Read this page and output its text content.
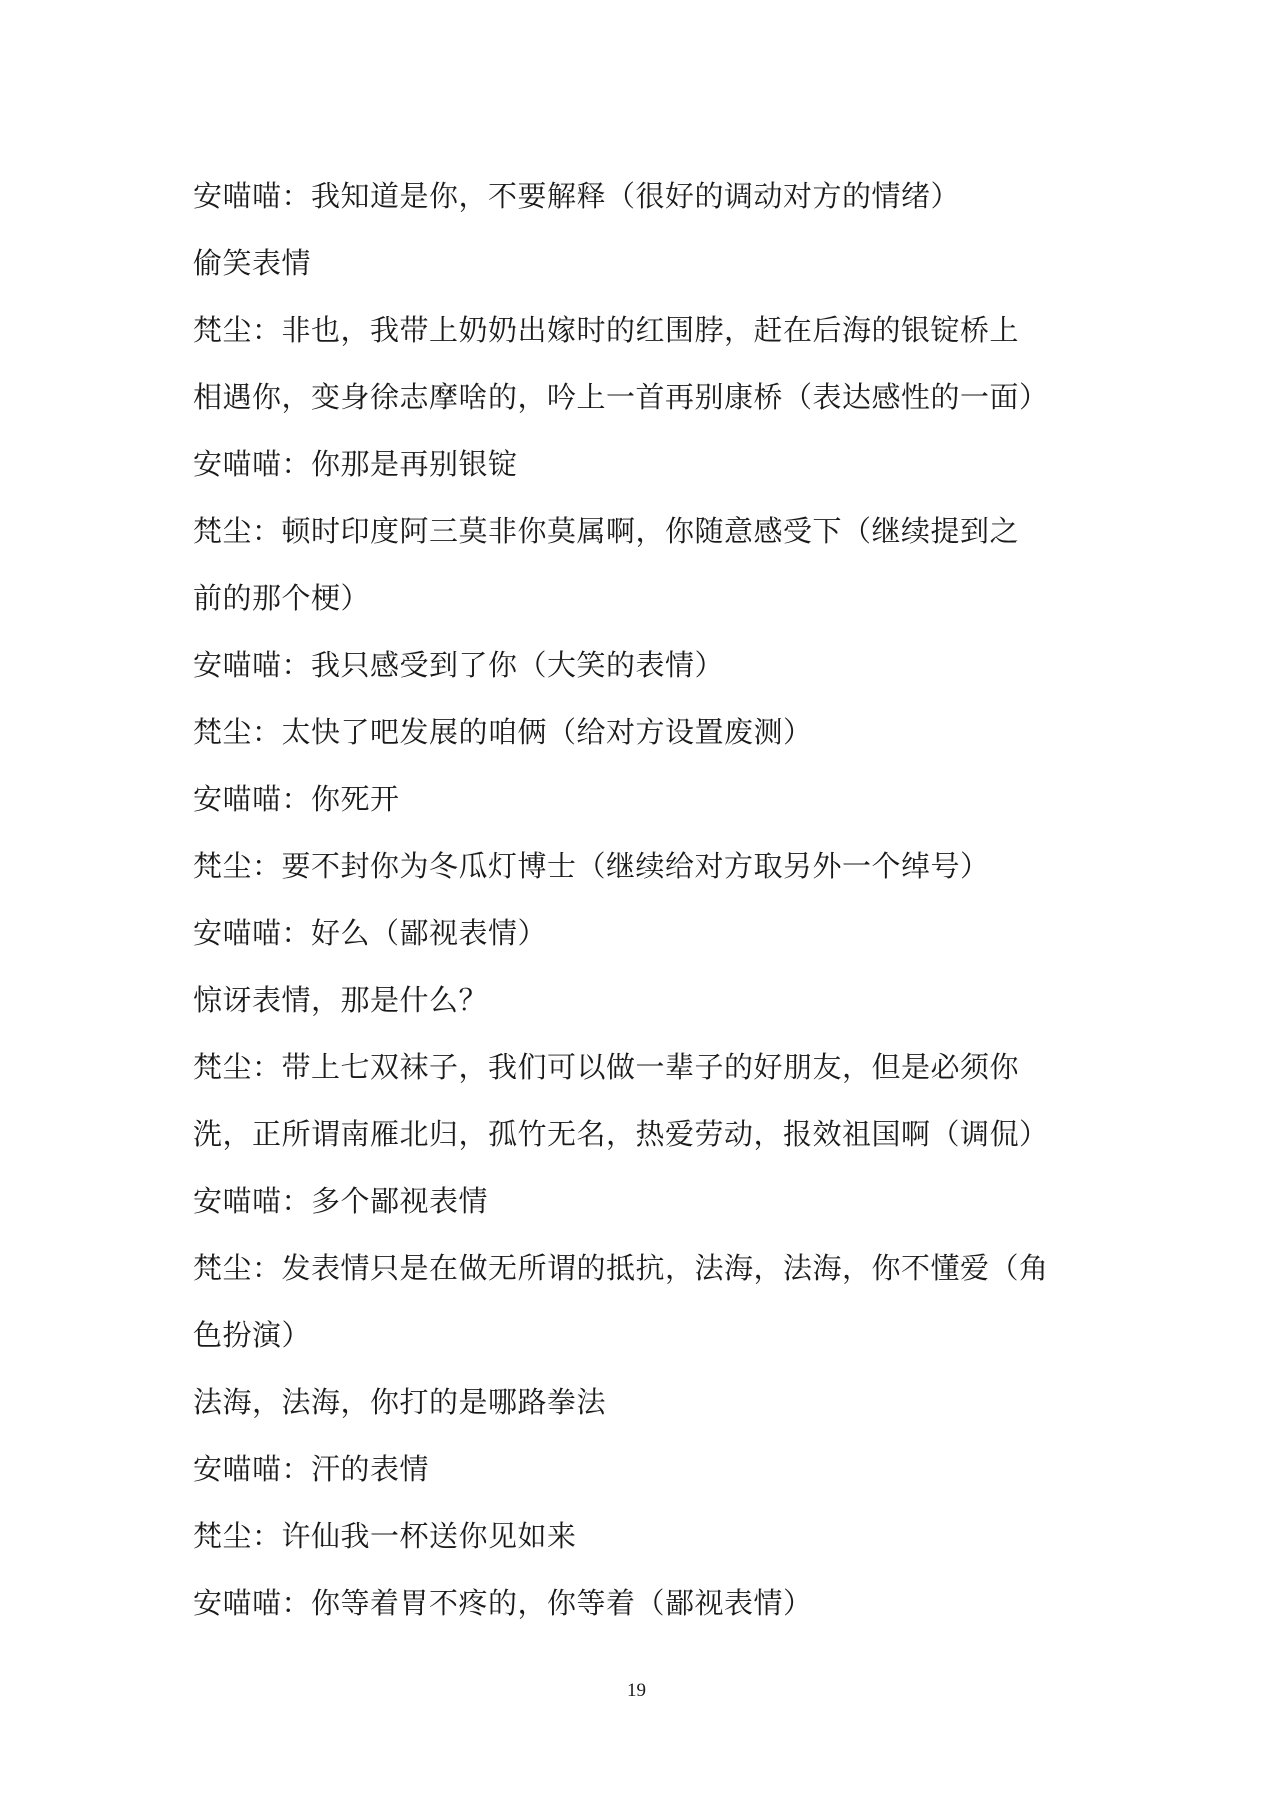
安喵喵：我知道是你，不要解释（很好的调动对方的情绪）
偷笑表情
梵尘：非也，我带上奶奶出嫁时的红围脖，赶在后海的银锭桥上
相遇你，变身徐志摩啥的，吟上一首再别康桥（表达感性的一面）
安喵喵：你那是再别银锭
梵尘：顿时印度阿三莫非你莫属啊，你随意感受下（继续提到之
前的那个梗）
安喵喵：我只感受到了你（大笑的表情）
梵尘：太快了吧发展的咱俩（给对方设置废测）
安喵喵：你死开
梵尘：要不封你为冬瓜灯博士（继续给对方取另外一个绰号）
安喵喵：好么（鄙视表情）
惊讶表情，那是什么？
梵尘：带上七双袜子，我们可以做一辈子的好朋友，但是必须你
洗，正所谓南雁北归，孤竹无名，热爱劳动，报效祖国啊（调侃）
安喵喵：多个鄙视表情
梵尘：发表情只是在做无所谓的抵抗，法海，法海，你不懂爱（角
色扮演）
法海，法海，你打的是哪路拳法
安喵喵：汗的表情
梵尘：许仙我一杯送你见如来
安喵喵：你等着胃不疼的，你等着（鄙视表情）
19
